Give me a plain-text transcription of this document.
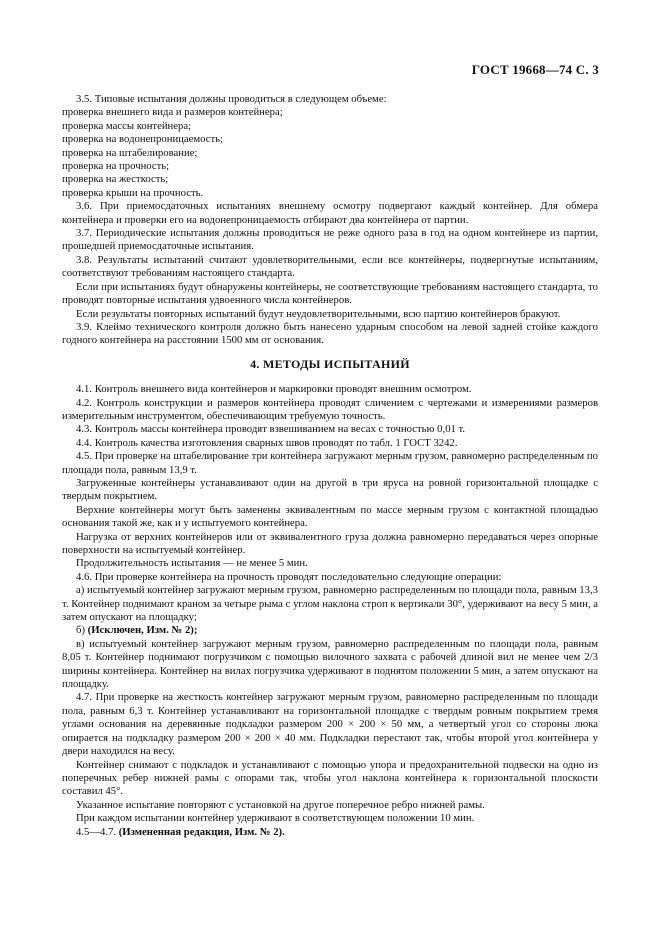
ГОСТ 19668—74 С. 3

3.5. Типовые испытания должны проводиться в следующем объеме:

проверка внешнего вида и размеров контейнера;

проверка массы контейнера;

проверка на водонепроницаемость;

проверка на штабелирование;

проверка на прочность;

проверка на жесткость;

проверка крыши на прочность.

3.6. При приемосдаточных испытаниях внешнему осмотру подвергают каждый контейнер. Для обмера контейнера и проверки его на водонепроницаемость отбирают два контейнера от партии.

3.7. Периодические испытания должны проводиться не реже одного раза в год на одном контейнере из партии, прошедшей приемосдаточные испытания.

3.8. Результаты испытаний считают удовлетворительными, если все контейнеры, подвергнутые испытаниям, соответствуют требованиям настоящего стандарта.

Если при испытаниях будут обнаружены контейнеры, не соответствующие требованиям настоящего стандарта, то проводят повторные испытания удвоенного числа контейнеров.

Если результаты повторных испытаний будут неудовлетворительными, всю партию контейнеров бракуют.

3.9. Клеймо технического контроля должно быть нанесено ударным способом на левой задней стойке каждого годного контейнера на расстоянии 1500 мм от основания.

4. МЕТОДЫ ИСПЫТАНИЙ

4.1. Контроль внешнего вида контейнеров и маркировки проводят внешним осмотром.

4.2. Контроль конструкции и размеров контейнера проводят сличением с чертежами и измерениями размеров измерительным инструментом, обеспечивающим требуемую точность.

4.3. Контроль массы контейнера проводят взвешиванием на весах с точностью 0,01 т.

4.4. Контроль качества изготовления сварных швов проводят по табл. 1 ГОСТ 3242.

4.5. При проверке на штабелирование три контейнера загружают мерным грузом, равномерно распределенным по площади пола, равным 13,9 т.

Загруженные контейнеры устанавливают один на другой в три яруса на ровной горизонтальной площадке с твердым покрытием.

Верхние контейнеры могут быть заменены эквивалентным по массе мерным грузом с контактной площадью основания такой же, как и у испытуемого контейнера.

Нагрузка от верхних контейнеров или от эквивалентного груза должна равномерно передаваться через опорные поверхности на испытуемый контейнер.

Продолжительность испытания — не менее 5 мин.

4.6. При проверке контейнера на прочность проводят последовательно следующие операции:

а) испытуемый контейнер загружают мерным грузом, равномерно распределенным по площади пола, равным 13,3 т. Контейнер поднимают краном за четыре рыма с углом наклона строп к вертикали 30°, удерживают на весу 5 мин, а затем опускают на площадку;

б) (Исключен, Изм. № 2);

в) испытуемый контейнер загружают мерным грузом, равномерно распределенным по площади пола, равным 8,05 т. Контейнер поднимают погрузчиком с помощью вилочного захвата с рабочей длиной вил не менее чем 2/3 ширины контейнера. Контейнер на вилах погрузчика удерживают в поднятом положении 5 мин, а затем опускают на площадку.

4.7. При проверке на жесткость контейнер загружают мерным грузом, равномерно распределенным по площади пола, равным 6,3 т. Контейнер устанавливают на горизонтальной площадке с твердым ровным покрытием тремя углами основания на деревянные подкладки размером 200 × 200 × 50 мм, а четвертый угол со стороны люка опирается на подкладку размером 200 × 200 × 40 мм. Подкладки перестают так, чтобы второй угол контейнера у двери находился на весу.

Контейнер снимают с подкладок и устанавливают с помощью упора и предохранительной подвески на одно из поперечных ребер нижней рамы с опорами так, чтобы угол наклона контейнера к горизонтальной плоскости составил 45°.

Указанное испытание повторяют с установкой на другое поперечное ребро нижней рамы.

При каждом испытании контейнер удерживают в соответствующем положении 10 мин.

4.5—4.7. (Измененная редакция, Изм. № 2).
